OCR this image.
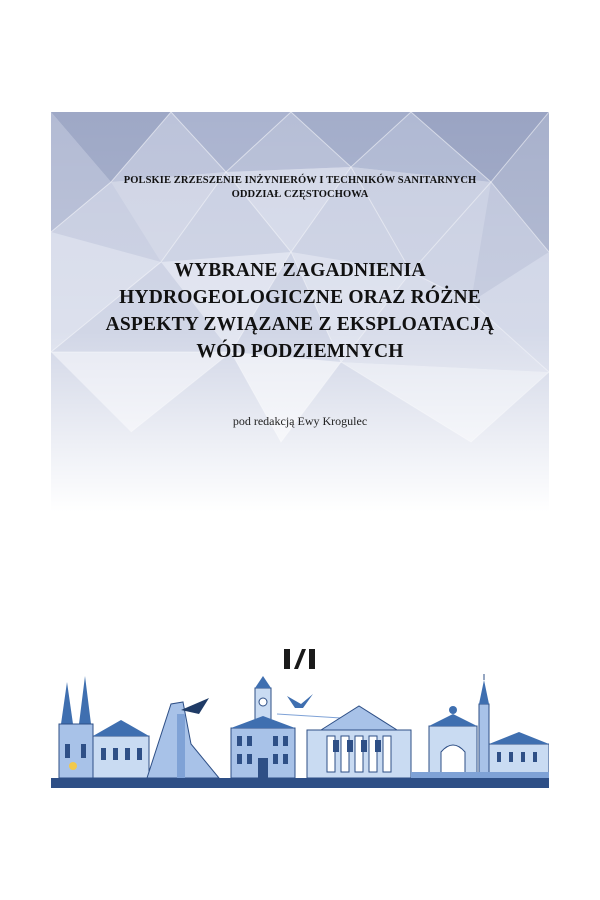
POLSKIE ZRZESZENIE INŻYNIERÓW I TECHNIKÓW SANITARNYCH
ODDZIAŁ CZĘSTOCHOWA
WYBRANE ZAGADNIENIA
HYDROGEOLOGICZNE ORAZ RÓŻNE
ASPEKTY ZWIĄZANE Z EKSPLOATACJĄ
WÓD PODZIEMNYCH
pod redakcją Ewy Krogulec
